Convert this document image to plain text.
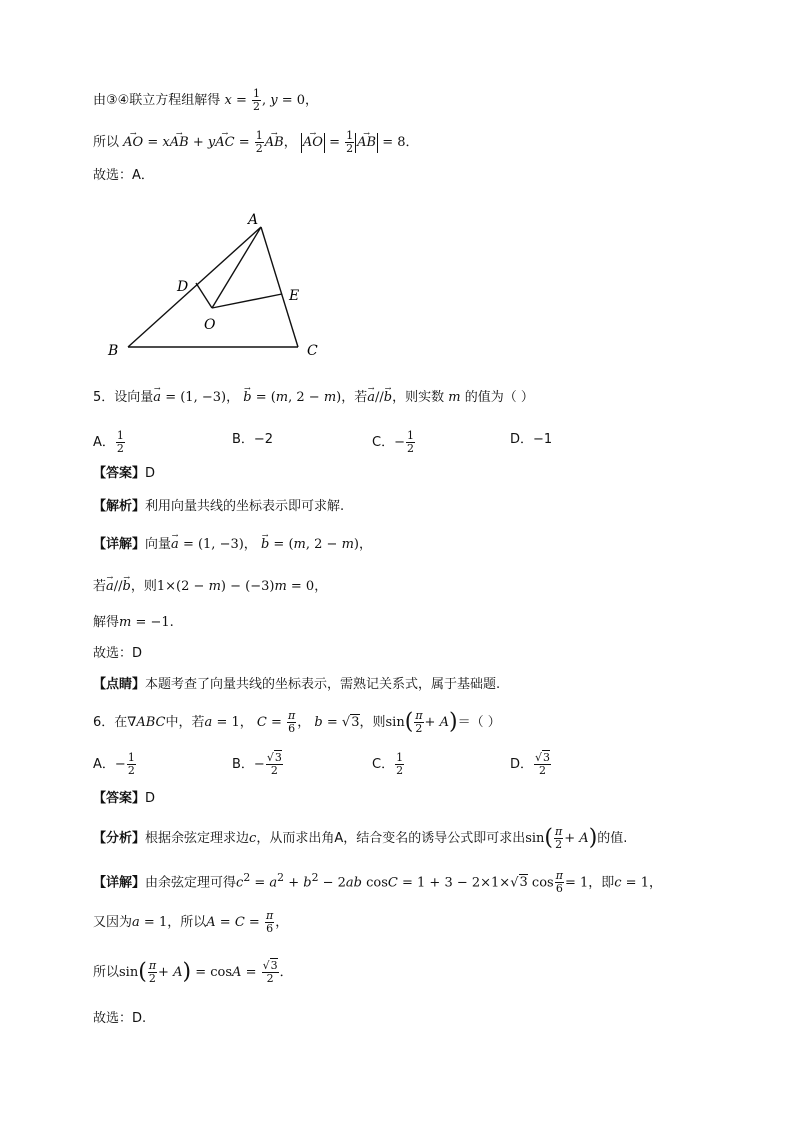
由③④联立方程组解得 $x = \frac{1}{2}$ , y = 0，
所以 → AO = x→ AB + y→ AC = $\frac{1}{2}$ → AB， → AO = $\frac{1}{2}$ → AB = 8．
故选：A．
A
B	C
D
E
O
5．设向量→ a = (1, −3)， → b = (m, 2 − m)，若→ a//→ b，则实数 m 的值为（ ）
A． $\frac{1}{2}$	B．−2	C．− $\frac{1}{2}$	D．−1
【答案】D
【解析】利用向量共线的坐标表示即可求解.
【详解】向量→ a = (1, −3)， → b = (m, 2 − m)，
若→ a//→ b，则1×(2 − m) − (−3)m = 0，
解得m = −1.
故选：D
【点睛】本题考查了向量共线的坐标表示，需熟记关系式，属于基础题.
6．在∇ABC中，若a = 1， $C = \frac{\pi}{6}$ ， b = √3，则$\sin( \frac{\pi}{2} + A)=$（ ）
A．− $\frac{1}{2}$	B．− $\frac{√3}{2}$	C． $\frac{1}{2}$	D． $\frac{√3}{2}$
【答案】D
【分析】根据余弦定理求边c，从而求出角A，结合变名的诱导公式即可求出$\sin( \frac{\pi}{2} + A)$的值.
【详解】由余弦定理可得$c^2 = a^2 + b^2 - 2ab$ cosC = 1 + 3 − 2×1×√3 $\cos \frac{\pi}{6} = 1$，即c = 1，
又因为a = 1，所以$A = C = \frac{\pi}{6}$ ，
所以$\sin( \frac{\pi}{2} + A) = \cos A = \frac{√3}{2}$ ．
故选：D.
